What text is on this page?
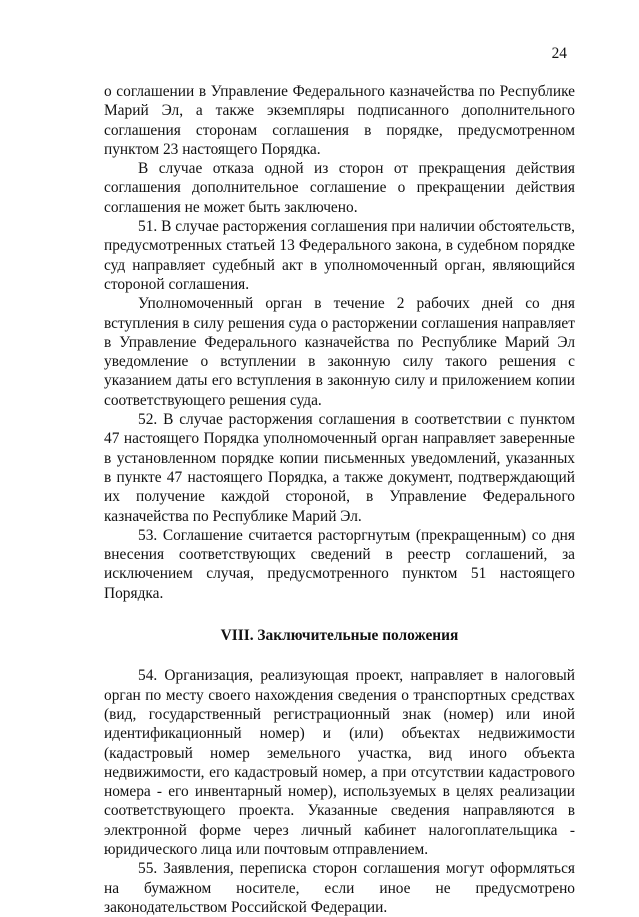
24

о соглашении в Управление Федерального казначейства по Республике Марий Эл, а также экземпляры подписанного дополнительного соглашения сторонам соглашения в порядке, предусмотренном пунктом 23 настоящего Порядка.

В случае отказа одной из сторон от прекращения действия соглашения дополнительное соглашение о прекращении действия соглашения не может быть заключено.

51. В случае расторжения соглашения при наличии обстоятельств, предусмотренных статьей 13 Федерального закона, в судебном порядке суд направляет судебный акт в уполномоченный орган, являющийся стороной соглашения.

Уполномоченный орган в течение 2 рабочих дней со дня вступления в силу решения суда о расторжении соглашения направляет в Управление Федерального казначейства по Республике Марий Эл уведомление о вступлении в законную силу такого решения с указанием даты его вступления в законную силу и приложением копии соответствующего решения суда.

52. В случае расторжения соглашения в соответствии с пунктом 47 настоящего Порядка уполномоченный орган направляет заверенные в установленном порядке копии письменных уведомлений, указанных в пункте 47 настоящего Порядка, а также документ, подтверждающий их получение каждой стороной, в Управление Федерального казначейства по Республике Марий Эл.

53. Соглашение считается расторгнутым (прекращенным) со дня внесения соответствующих сведений в реестр соглашений, за исключением случая, предусмотренного пунктом 51 настоящего Порядка.

VIII. Заключительные положения

54. Организация, реализующая проект, направляет в налоговый орган по месту своего нахождения сведения о транспортных средствах (вид, государственный регистрационный знак (номер) или иной идентификационный номер) и (или) объектах недвижимости (кадастровый номер земельного участка, вид иного объекта недвижимости, его кадастровый номер, а при отсутствии кадастрового номера - его инвентарный номер), используемых в целях реализации соответствующего проекта. Указанные сведения направляются в электронной форме через личный кабинет налогоплательщика - юридического лица или почтовым отправлением.

55. Заявления, переписка сторон соглашения могут оформляться на бумажном носителе, если иное не предусмотрено законодательством Российской Федерации.
